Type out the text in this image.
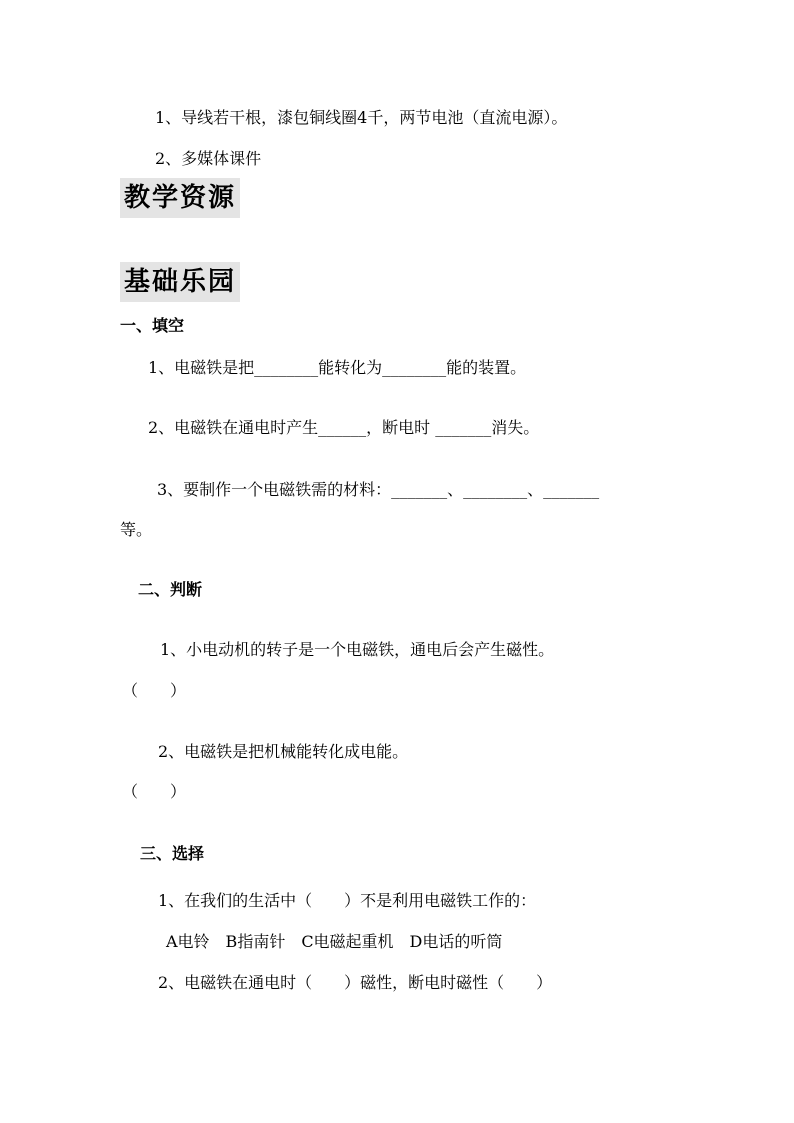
1、导线若干根，漆包铜线圈4千，两节电池（直流电源）。
2、多媒体课件
教学资源
基础乐园
一、填空
1、电磁铁是把________能转化为________能的装置。
2、电磁铁在通电时产生______，断电时 _______消失。
3、要制作一个电磁铁需的材料：_______、________、_______
等。
二、判断
1、小电动机的转子是一个电磁铁，通电后会产生磁性。
（　　）
2、电磁铁是把机械能转化成电能。
（　　）
三、选择
1、在我们的生活中（　　）不是利用电磁铁工作的：
A电铃　B指南针　C电磁起重机　D电话的听筒
2、电磁铁在通电时（　　）磁性，断电时磁性（　　）
